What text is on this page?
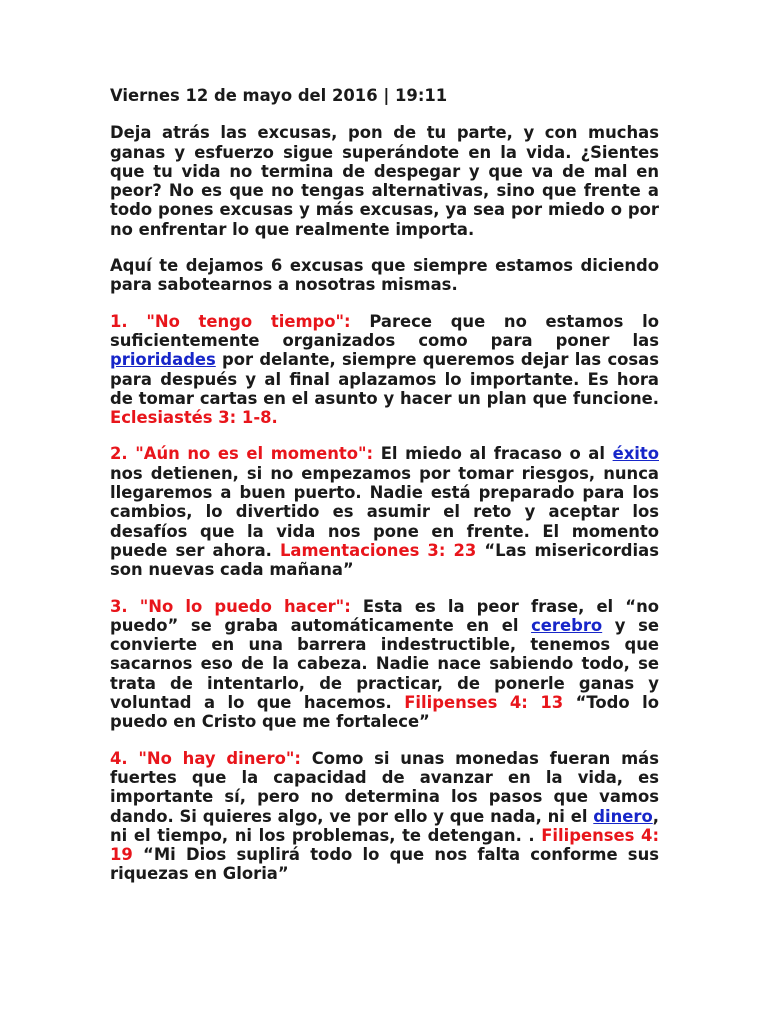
Viernes 12 de mayo del 2016 | 19:11

Deja atrás las excusas, pon de tu parte, y con muchas ganas y esfuerzo sigue superándote en la vida. ¿Sientes que tu vida no termina de despegar y que va de mal en peor? No es que no tengas alternativas, sino que frente a todo pones excusas y más excusas, ya sea por miedo o por no enfrentar lo que realmente importa.

Aquí te dejamos 6 excusas que siempre estamos diciendo para sabotearnos a nosotras mismas.

1. "No tengo tiempo": Parece que no estamos lo suficientemente organizados como para poner las prioridades por delante, siempre queremos dejar las cosas para después y al final aplazamos lo importante. Es hora de tomar cartas en el asunto y hacer un plan que funcione. Eclesiastés 3: 1-8.

2. "Aún no es el momento": El miedo al fracaso o al éxito nos detienen, si no empezamos por tomar riesgos, nunca llegaremos a buen puerto. Nadie está preparado para los cambios, lo divertido es asumir el reto y aceptar los desafíos que la vida nos pone en frente. El momento puede ser ahora. Lamentaciones 3: 23 “Las misericordias son nuevas cada mañana”

3. "No lo puedo hacer": Esta es la peor frase, el “no puedo” se graba automáticamente en el cerebro y se convierte en una barrera indestructible, tenemos que sacarnos eso de la cabeza. Nadie nace sabiendo todo, se trata de intentarlo, de practicar, de ponerle ganas y voluntad a lo que hacemos. Filipenses 4: 13 “Todo lo puedo en Cristo que me fortalece”

4. "No hay dinero": Como si unas monedas fueran más fuertes que la capacidad de avanzar en la vida, es importante sí, pero no determina los pasos que vamos dando. Si quieres algo, ve por ello y que nada, ni el dinero, ni el tiempo, ni los problemas, te detengan. . Filipenses 4: 19 “Mi Dios suplirá todo lo que nos falta conforme sus riquezas en Gloria”
